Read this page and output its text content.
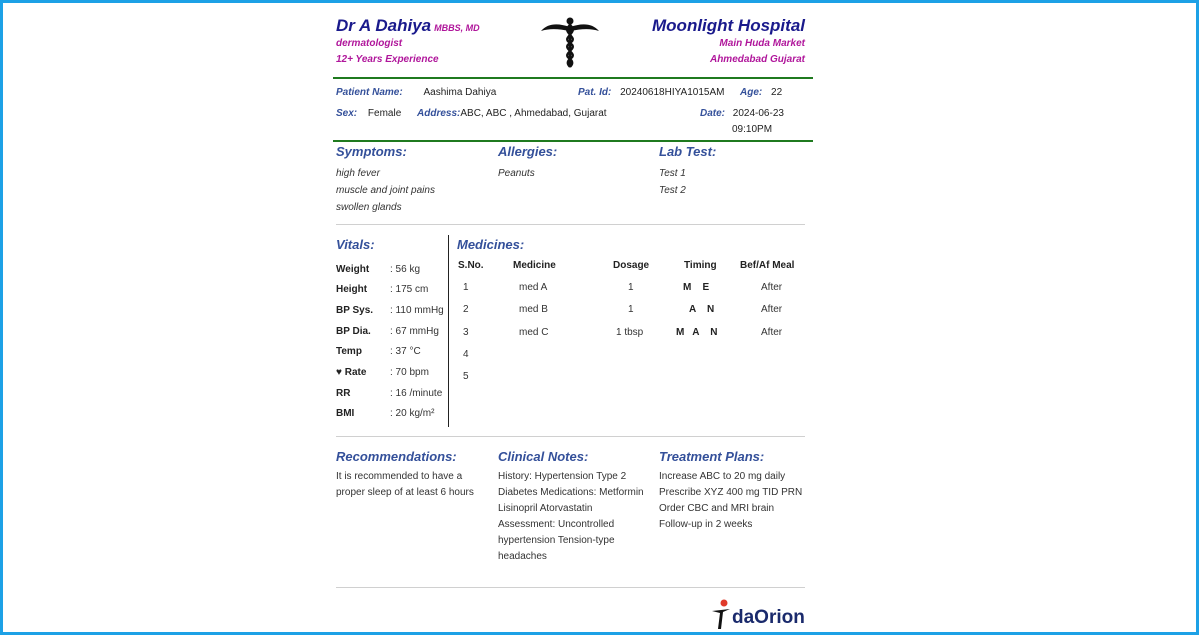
Dr A Dahiya MBBS, MD
dermatologist
12+ Years Experience
Moonlight Hospital
Main Huda Market
Ahmedabad Gujarat
Patient Name: Aashima Dahiya	Pat. Id: 20240618HIYA1015AM Age: 22
Sex: Female Address:ABC, ABC , Ahmedabad, Gujarat	Date: 2024-06-23
09:10PM
Symptoms:
high fever
muscle and joint pains
swollen glands
Allergies:
Peanuts
Lab Test:
Test 1
Test 2
Vitals:
Weight : 56 kg
Height : 175 cm
BP Sys. : 110 mmHg
BP Dia. : 67 mmHg
Temp	: 37 °C
♥ Rate : 70 bpm
RR	: 16 /minute
BMI	: 20 kg/m²
Medicines:
S.No.	Medicine	Dosage	Timing Bef/Af Meal
1	med A	1	M    E	After
2	med B	1	A    N	After
3	med C	1 tbsp	M   A    N	After
4
5
Recommendations:
It is recommended to have a proper sleep of at least 6 hours
Clinical Notes:
History: Hypertension Type 2 Diabetes Medications: Metformin Lisinopril Atorvastatin Assessment: Uncontrolled hypertension Tension-type headaches
Treatment Plans:
Increase ABC to 20 mg daily
Prescribe XYZ 400 mg TID PRN
Order CBC and MRI brain
Follow-up in 2 weeks
daOrion
